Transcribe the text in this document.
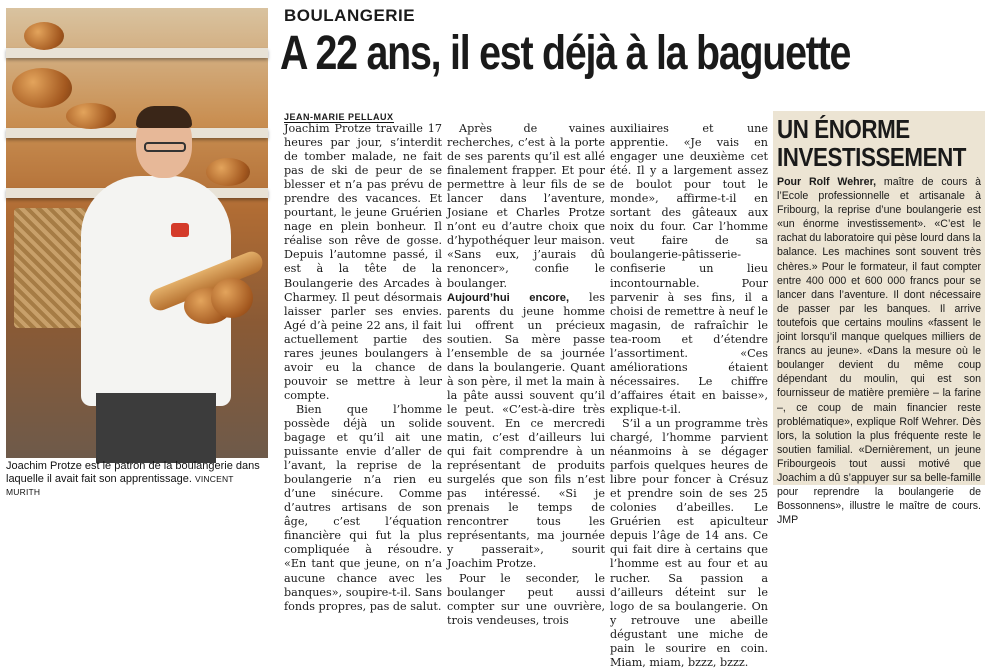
Joachim Protze est le patron de la boulangerie dans laquelle il avait fait son apprentissage. VINCENT MURITH
BOULANGERIE
A 22 ans, il est déjà à la baguette
JEAN-MARIE PELLAUX

Joachim Protze travaille 17 heures par jour, s’interdit de tomber malade, ne fait pas de ski de peur de se blesser et n’a pas prévu de prendre des vacances. Et pourtant, le jeune Gruérien nage en plein bonheur. Il réalise son rêve de gosse. Depuis l’automne passé, il est à la tête de la Boulangerie des Arcades à Charmey. Il peut désormais laisser parler ses envies. Agé d’à peine 22 ans, il fait actuellement partie des rares jeunes boulangers à avoir eu la chance de pouvoir se mettre à leur compte.

Bien que l’homme possède déjà un solide bagage et qu’il ait une puissante envie d’aller de l’avant, la reprise de la boulangerie n’a rien eu d’une sinécure. Comme d’autres artisans de son âge, c’est l’équation financière qui fut la plus compliquée à résoudre. «En tant que jeune, on n’a aucune chance avec les banques», soupire-t-il. Sans fonds propres, pas de salut.

Après de vaines recherches, c’est à la porte de ses parents qu’il est allé finalement frapper. Et pour permettre à leur fils de se lancer dans l’aventure, Josiane et Charles Protze n’ont eu d’autre choix que d’hypothéquer leur maison. «Sans eux, j’aurais dû renoncer», confie le boulanger.

Aujourd’hui encore, les parents du jeune homme lui offrent un précieux soutien. Sa mère passe l’ensemble de sa journée dans la boulangerie. Quant à son père, il met la main à la pâte aussi souvent qu’il le peut. «C’est-à-dire très souvent. En ce mercredi matin, c’est d’ailleurs lui qui fait comprendre à un représentant de produits surgelés que son fils n’est pas intéressé. «Si je prenais le temps de rencontrer tous les représentants, ma journée y passerait», sourit Joachim Protze.

Pour le seconder, le boulanger peut aussi compter sur une ouvrière, trois vendeuses, trois

auxiliaires et une apprentie. «Je vais en engager une deuxième cet été. Il y a largement assez de boulot pour tout le monde», affirme-t-il en sortant des gâteaux aux noix du four. Car l’homme veut faire de sa boulangerie-pâtisserie-confiserie un lieu incontournable. Pour parvenir à ses fins, il a choisi de remettre à neuf le magasin, de rafraîchir le tea-room et d’étendre l’assortiment. «Ces améliorations étaient nécessaires. Le chiffre d’affaires était en baisse», explique-t-il.

S’il a un programme très chargé, l’homme parvient néanmoins à se dégager parfois quelques heures de libre pour foncer à Crésuz et prendre soin de ses 25 colonies d’abeilles. Le Gruérien est apiculteur depuis l’âge de 14 ans. Ce qui fait dire à certains que l’homme est au four et au rucher. Sa passion a d’ailleurs déteint sur le logo de sa boulangerie. On y retrouve une abeille dégustant une miche de pain le sourire en coin. Miam, miam, bzzz, bzzz.

UN ÉNORME
INVESTISSEMENT
Pour Rolf Wehrer, maître de cours à l’Ecole professionnelle et artisanale à Fribourg, la reprise d’une boulangerie est «un énorme investissement». «C’est le rachat du laboratoire qui pèse lourd dans la balance. Les machines sont souvent très chères.» Pour le formateur, il faut compter entre 400 000 et 600 000 francs pour se lancer dans l’aventure. Il dont nécessaire de passer par les banques. Il arrive toutefois que certains moulins «fassent le joint lorsqu’il manque quelques milliers de francs au jeune». «Dans la mesure où le boulanger devient du même coup dépendant du moulin, qui est son fournisseur de matière première – la farine –, ce coup de main financier reste problématique», explique Rolf Wehrer. Dès lors, la solution la plus fréquente reste le soutien familial. «Dernièrement, un jeune Fribourgeois tout aussi motivé que Joachim a dû s’appuyer sur sa belle-famille pour reprendre la boulangerie de Bossonnens», illustre le maître de cours. JMP
